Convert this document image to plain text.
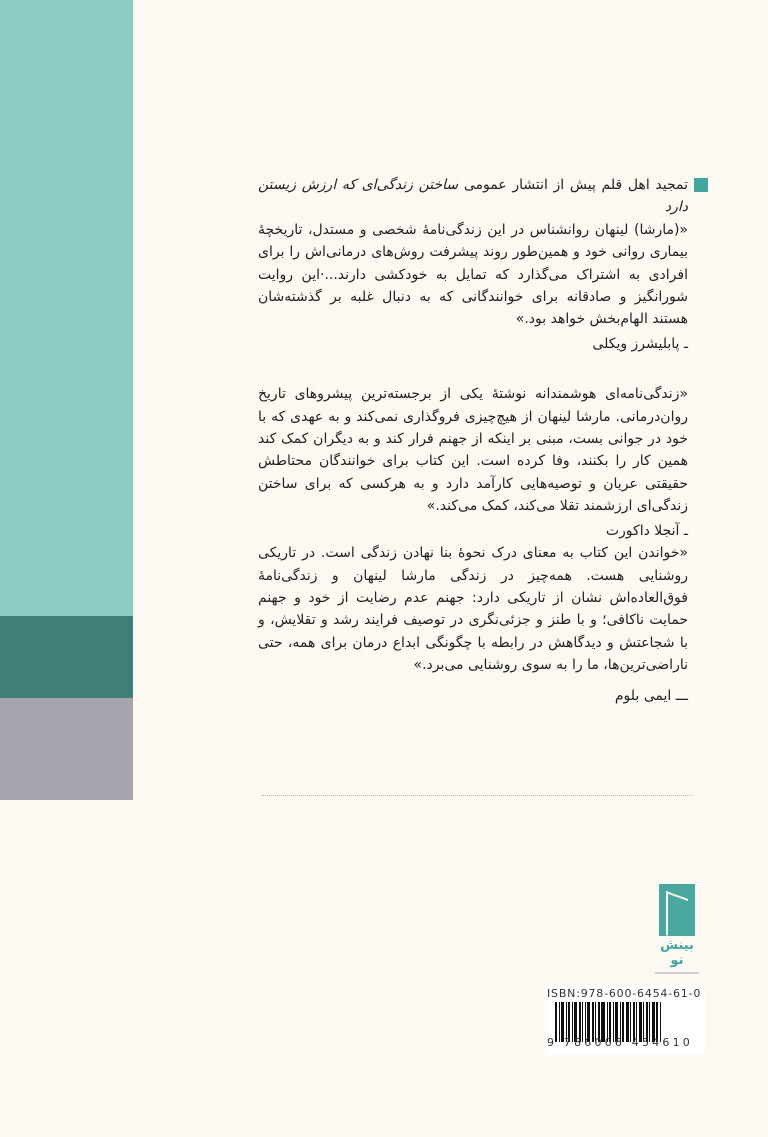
تمجید اهل قلم پیش از انتشار عمومی ساختن زندگی‌ای که ارزش زیستن دارد

«(مارشا) لینهان روانشناس در این زندگی‌نامهٔ شخصی و مستدل، تاریخچهٔ بیماری روانی خود و همین‌طور روند پیشرفت روش‌های درمانی‌اش را برای افرادی به اشتراک می‌گذارد که تمایل به خودکشی دارند...·این روایت شورانگیز و صادقانه برای خوانندگانی که به دنبال غلبه بر گذشته‌شان هستند الهام‌بخش خواهد بود.»

ـ پابلیشرز ویکلی

«زندگی‌نامه‌ای هوشمندانه نوشتهٔ یکی از برجسته‌ترین پیشروهای تاریخ روان‌درمانی. مارشا لینهان از هیچ‌چیزی فروگذاری نمی‌کند و به عهدی که با خود در جوانی بست، مبنی بر اینکه از جهنم فرار کند و به دیگران کمک کند همین کار را بکنند، وفا کرده است. این کتاب برای خوانندگان محتاطش حقیقتی عریان و توصیه‌هایی کارآمد دارد و به هرکسی که برای ساختن زندگی‌ای ارزشمند تقلا می‌کند، کمک می‌کند.»

ـ آنجلا داکورت

«خواندن این کتاب به معنای درک نحوهٔ بنا نهادن زندگی است. در تاریکی روشنایی هست. همه‌چیز در زندگی مارشا لینهان و زندگی‌نامهٔ فوق‌العاده‌اش نشان از تاریکی دارد: جهنم عدم رضایت از خود و جهنم حمایت ناکافی؛ و با طنز و جزئی‌نگری در توصیف فرایند رشد و تقلایش، و با شجاعتش و دیدگاهش در رابطه با چگونگی ابداع درمان برای همه، حتی ناراضی‌ترین‌ها، ما را به سوی روشنایی می‌برد.»

ـــ ایمی بلوم

بینش نو
ISBN:978-600-6454-61-0
9 786006 454610
